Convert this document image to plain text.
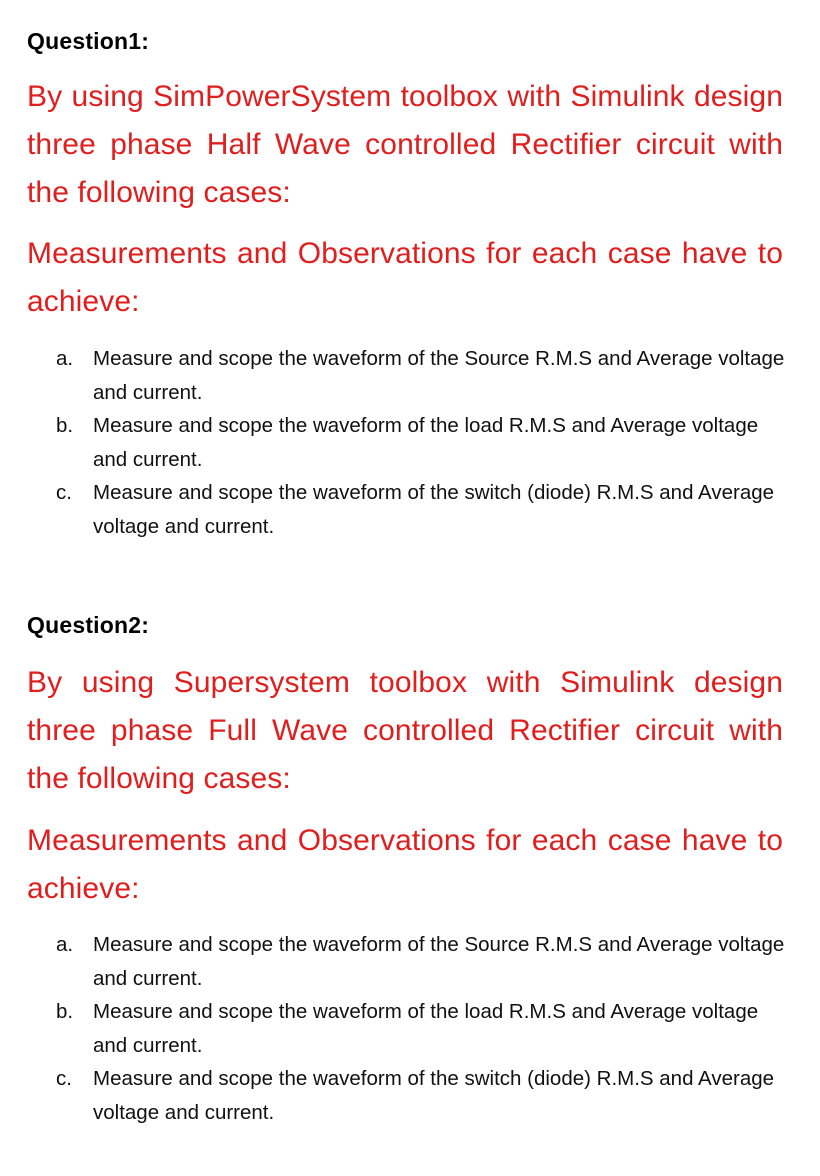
Question1:

By using SimPowerSystem toolbox with Simulink design three phase Half Wave controlled Rectifier circuit with the following cases:

Measurements and Observations for each case have to achieve:

a. Measure and scope the waveform of the Source R.M.S and Average voltage and current.
b. Measure and scope the waveform of the load R.M.S and Average voltage and current.
c.	Measure and scope the waveform of the switch (diode) R.M.S and Average voltage and current.
Question2:

By using Supersystem toolbox with Simulink design three phase Full Wave controlled Rectifier circuit with the following cases:

Measurements and Observations for each case have to achieve:

a. Measure and scope the waveform of the Source R.M.S and Average voltage and current.
b. Measure and scope the waveform of the load R.M.S and Average voltage and current.
c.	Measure and scope the waveform of the switch (diode) R.M.S and Average voltage and current.
